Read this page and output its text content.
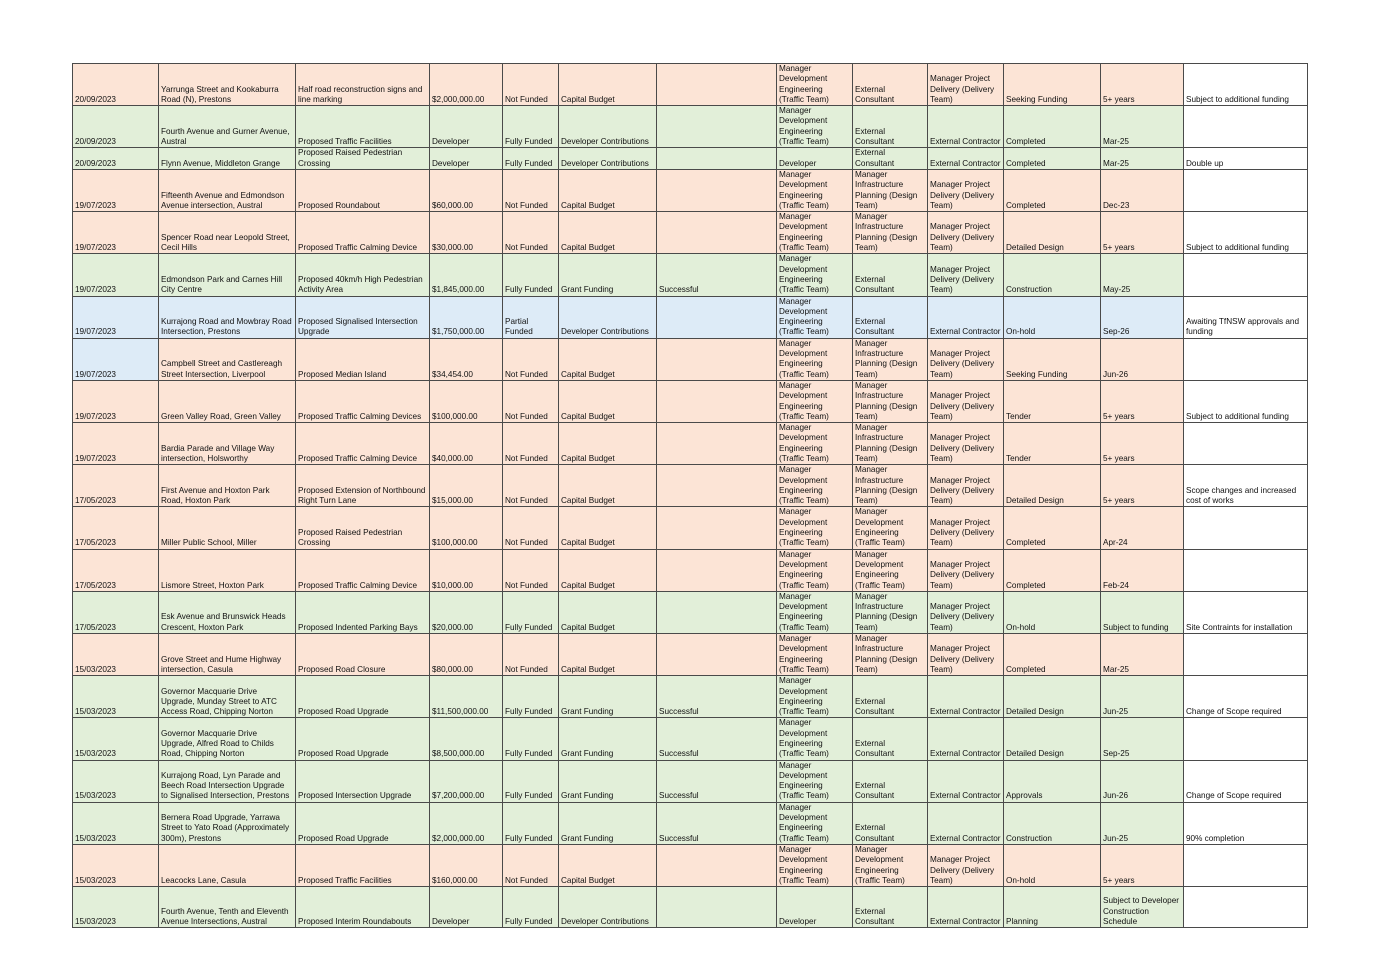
20/09/2023	Yarrunga Street and Kookaburra
Road (N), Prestons	Half road reconstruction signs and
line marking	$2,000,000.00	Not Funded	Capital Budget		Manager
Development
Engineering
(Traffic Team)	External
Consultant	Manager Project
Delivery (Delivery
Team)	Seeking Funding	5+ years	Subject to additional funding
20/09/2023	Fourth Avenue and Gurner Avenue,
Austral	Proposed Traffic Facilities	Developer	Fully Funded	Developer Contributions		Manager
Development
Engineering
(Traffic Team)	External
Consultant	External Contractor	Completed	Mar-25	
20/09/2023	Flynn Avenue, Middleton Grange	Proposed Raised Pedestrian
Crossing	Developer	Fully Funded	Developer Contributions		Developer	External
Consultant	External Contractor	Completed	Mar-25	Double up
19/07/2023	Fifteenth Avenue and Edmondson
Avenue intersection, Austral	Proposed Roundabout	$60,000.00	Not Funded	Capital Budget		Manager
Development
Engineering
(Traffic Team)	Manager
Infrastructure
Planning (Design
Team)	Manager Project
Delivery (Delivery
Team)	Completed	Dec-23	
19/07/2023	Spencer Road near Leopold Street,
Cecil Hills	Proposed Traffic Calming Device	$30,000.00	Not Funded	Capital Budget		Manager
Development
Engineering
(Traffic Team)	Manager
Infrastructure
Planning (Design
Team)	Manager Project
Delivery (Delivery
Team)	Detailed Design	5+ years	Subject to additional funding
19/07/2023	Edmondson Park and Carnes Hill
City Centre	Proposed 40km/h High Pedestrian
Activity Area	$1,845,000.00	Fully Funded	Grant Funding	Successful	Manager
Development
Engineering
(Traffic Team)	External
Consultant	Manager Project
Delivery (Delivery
Team)	Construction	May-25	
19/07/2023	Kurrajong Road and Mowbray Road
Intersection, Prestons	Proposed Signalised Intersection
Upgrade	$1,750,000.00	Partial
Funded	Developer Contributions		Manager
Development
Engineering
(Traffic Team)	External
Consultant	External Contractor	On-hold	Sep-26	Awaiting TfNSW approvals and
funding
19/07/2023	Campbell Street and Castlereagh
Street Intersection, Liverpool	Proposed Median Island	$34,454.00	Not Funded	Capital Budget		Manager
Development
Engineering
(Traffic Team)	Manager
Infrastructure
Planning (Design
Team)	Manager Project
Delivery (Delivery
Team)	Seeking Funding	Jun-26	
19/07/2023	Green Valley Road, Green Valley	Proposed Traffic Calming Devices	$100,000.00	Not Funded	Capital Budget		Manager
Development
Engineering
(Traffic Team)	Manager
Infrastructure
Planning (Design
Team)	Manager Project
Delivery (Delivery
Team)	Tender	5+ years	Subject to additional funding
19/07/2023	Bardia Parade and Village Way
intersection, Holsworthy	Proposed Traffic Calming Device	$40,000.00	Not Funded	Capital Budget		Manager
Development
Engineering
(Traffic Team)	Manager
Infrastructure
Planning (Design
Team)	Manager Project
Delivery (Delivery
Team)	Tender	5+ years	
17/05/2023	First Avenue and Hoxton Park
Road, Hoxton Park	Proposed Extension of Northbound
Right Turn Lane	$15,000.00	Not Funded	Capital Budget		Manager
Development
Engineering
(Traffic Team)	Manager
Infrastructure
Planning (Design
Team)	Manager Project
Delivery (Delivery
Team)	Detailed Design	5+ years	Scope changes and increased
cost of works
17/05/2023	Miller Public School, Miller	Proposed Raised Pedestrian
Crossing	$100,000.00	Not Funded	Capital Budget		Manager
Development
Engineering
(Traffic Team)	Manager
Development
Engineering
(Traffic Team)	Manager Project
Delivery (Delivery
Team)	Completed	Apr-24	
17/05/2023	Lismore Street, Hoxton Park	Proposed Traffic Calming Device	$10,000.00	Not Funded	Capital Budget		Manager
Development
Engineering
(Traffic Team)	Manager
Development
Engineering
(Traffic Team)	Manager Project
Delivery (Delivery
Team)	Completed	Feb-24	
17/05/2023	Esk Avenue and Brunswick Heads
Crescent, Hoxton Park	Proposed Indented Parking Bays	$20,000.00	Fully Funded	Capital Budget		Manager
Development
Engineering
(Traffic Team)	Manager
Infrastructure
Planning (Design
Team)	Manager Project
Delivery (Delivery
Team)	On-hold	Subject to funding	Site Contraints for installation
15/03/2023	Grove Street and Hume Highway
intersection, Casula	Proposed Road Closure	$80,000.00	Not Funded	Capital Budget		Manager
Development
Engineering
(Traffic Team)	Manager
Infrastructure
Planning (Design
Team)	Manager Project
Delivery (Delivery
Team)	Completed	Mar-25	
15/03/2023	Governor Macquarie Drive
Upgrade, Munday Street to ATC
Access Road, Chipping Norton	Proposed Road Upgrade	$11,500,000.00	Fully Funded	Grant Funding	Successful	Manager
Development
Engineering
(Traffic Team)	External
Consultant	External Contractor	Detailed Design	Jun-25	Change of Scope required
15/03/2023	Governor Macquarie Drive
Upgrade, Alfred Road to Childs
Road, Chipping Norton	Proposed Road Upgrade	$8,500,000.00	Fully Funded	Grant Funding	Successful	Manager
Development
Engineering
(Traffic Team)	External
Consultant	External Contractor	Detailed Design	Sep-25	
15/03/2023	Kurrajong Road, Lyn Parade and
Beech Road Intersection Upgrade
to Signalised Intersection, Prestons	Proposed Intersection Upgrade	$7,200,000.00	Fully Funded	Grant Funding	Successful	Manager
Development
Engineering
(Traffic Team)	External
Consultant	External Contractor	Approvals	Jun-26	Change of Scope required
15/03/2023	Bernera Road Upgrade, Yarrawa
Street to Yato Road (Approximately
300m), Prestons	Proposed Road Upgrade	$2,000,000.00	Fully Funded	Grant Funding	Successful	Manager
Development
Engineering
(Traffic Team)	External
Consultant	External Contractor	Construction	Jun-25	90% completion
15/03/2023	Leacocks Lane, Casula	Proposed Traffic Facilities	$160,000.00	Not Funded	Capital Budget		Manager
Development
Engineering
(Traffic Team)	Manager
Development
Engineering
(Traffic Team)	Manager Project
Delivery (Delivery
Team)	On-hold	5+ years	
15/03/2023	Fourth Avenue, Tenth and Eleventh
Avenue Intersections, Austral	Proposed Interim Roundabouts	Developer	Fully Funded	Developer Contributions		Developer	External
Consultant	External Contractor	Planning	Subject to Developer
Construction
Schedule	
